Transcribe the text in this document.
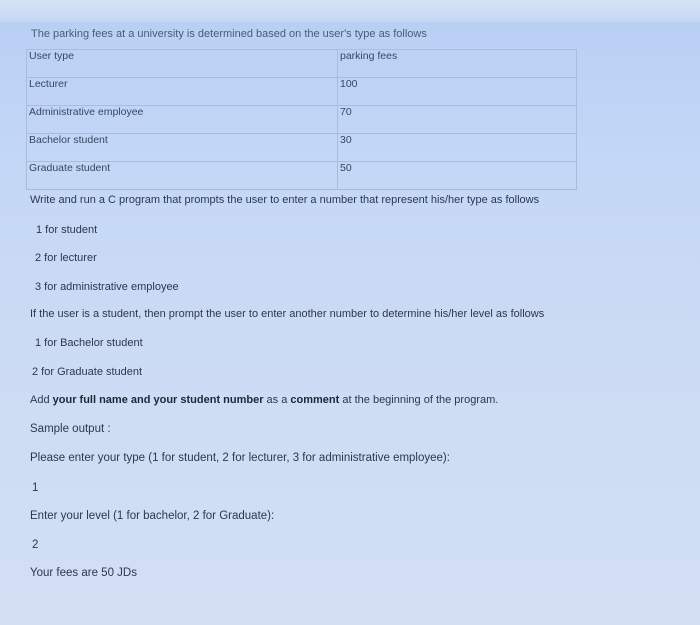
The parking fees at a university is determined based on the user's type as follows
User type	parking fees
Lecturer	100
Administrative employee	70
Bachelor student	30
Graduate student	50
Write and run a C program that prompts the user to enter a number that represent his/her type as follows
1 for student
2 for lecturer
3 for administrative employee
If the user is a student, then prompt the user to enter another number to determine his/her level as follows
1 for Bachelor student
2 for Graduate student
Add your full name and your student number as a comment at the beginning of the program.
Sample output :
Please enter your type (1 for student, 2 for lecturer, 3 for administrative employee):
1
Enter your level (1 for bachelor, 2 for Graduate):
2
Your fees are 50 JDs
